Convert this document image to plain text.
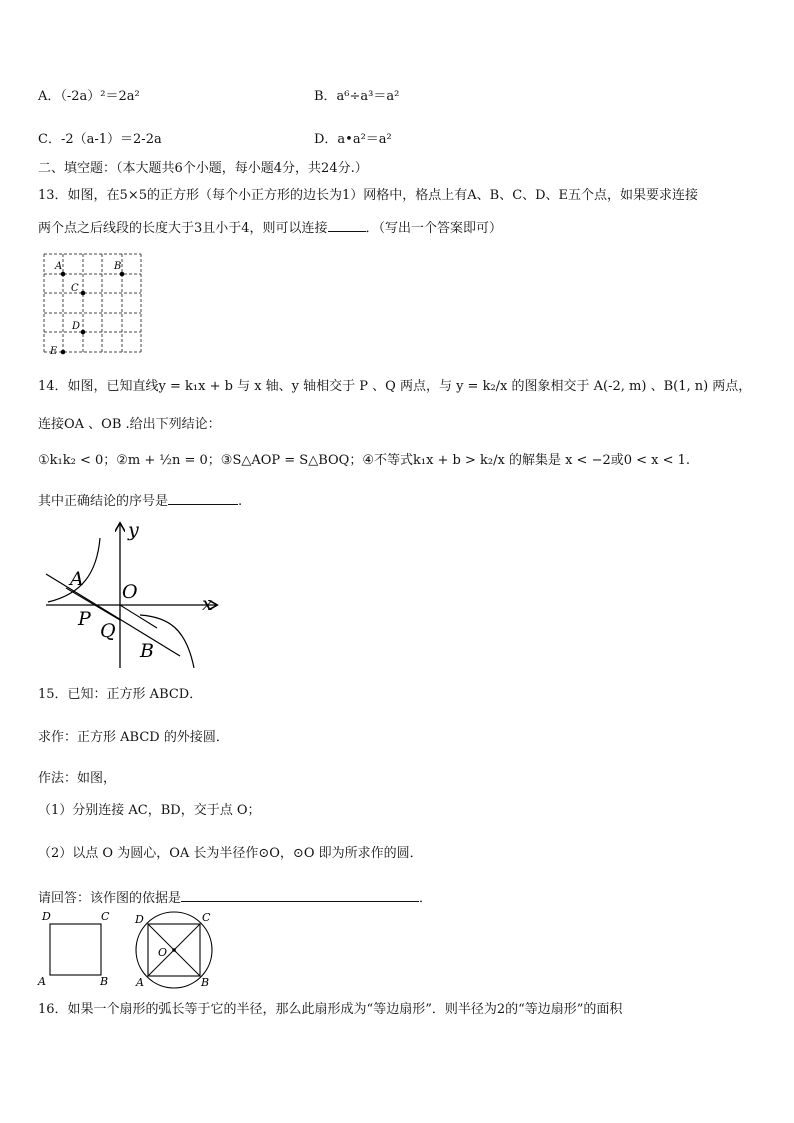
A．（-2a）²＝2a²	B．a⁶÷a³＝a²
C．-2（a-1）＝2-2a	D．a•a²＝a²
二、填空题：（本大题共6个小题，每小题4分，共24分.）
13．如图，在5×5的正方形（每个小正方形的边长为1）网格中，格点上有A、B、C、D、E五个点，如果要求连接
两个点之后线段的长度大于3且小于4，则可以连接	．（写出一个答案即可）
A	B
C
D
E
14．如图，已知直线y = k₁x + b 与 x 轴、y 轴相交于 P 、Q 两点，与 y = k₂/x 的图象相交于 A(-2, m) 、B(1, n) 两点，
连接OA 、OB .给出下列结论：
①k₁k₂ < 0；②m + ½n = 0；③S△AOP = S△BOQ；④不等式k₁x + b > k₂/x 的解集是 x < −2或0 < x < 1.
其中正确结论的序号是	.
y
x
A
O
P
Q
B
15．已知：正方形 ABCD．
求作：正方形 ABCD 的外接圆．
作法：如图，
（1）分别连接 AC，BD，交于点 O；
（2）以点 O 为圆心，OA 长为半径作⊙O，⊙O 即为所求作的圆．
请回答：该作图的依据是	．
D	C
A	B
D	C
A	B
O
16．如果一个扇形的弧长等于它的半径，那么此扇形成为“等边扇形”．则半径为2的“等边扇形”的面积
